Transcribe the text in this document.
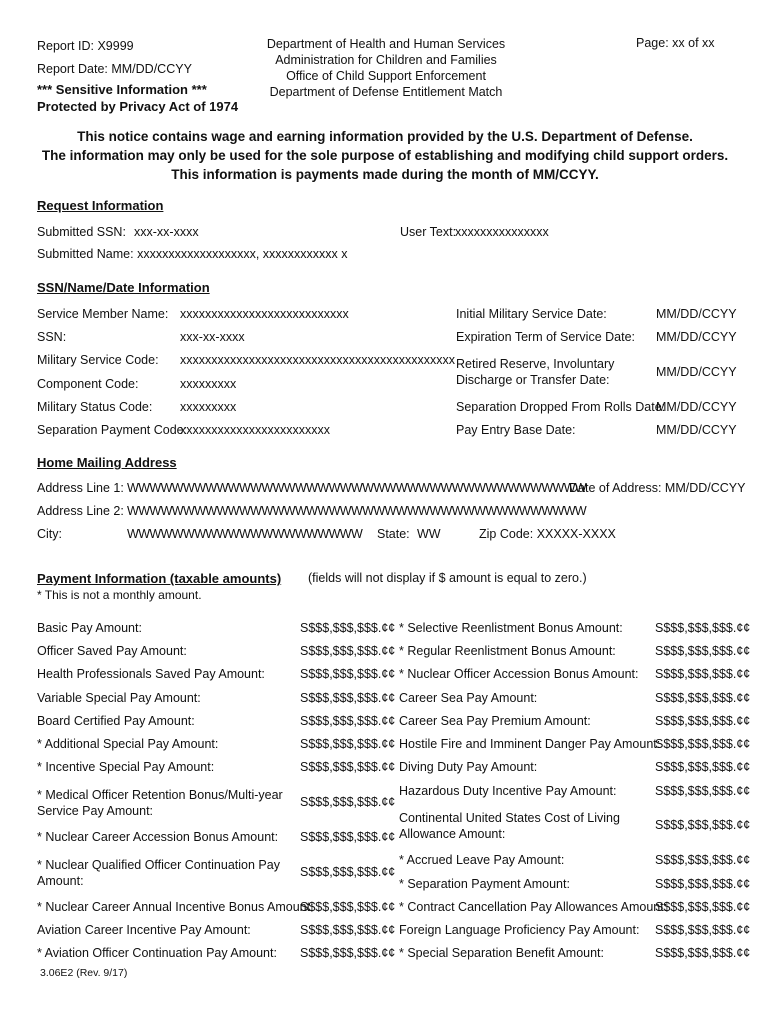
Report ID: X9999
Report Date: MM/DD/CCYY
*** Sensitive Information ***
Protected by Privacy Act of 1974
Department of Health and Human Services
Administration for Children and Families
Office of Child Support Enforcement
Department of Defense Entitlement Match
Page: xx of xx
This notice contains wage and earning information provided by the U.S. Department of Defense.
The information may only be used for the sole purpose of establishing and modifying child support orders.
This information is payments made during the month of MM/CCYY.
Request Information
Submitted SSN: xxx-xx-xxxx	User Text:
xxxxxxxxxxxxxxx
Submitted Name: xxxxxxxxxxxxxxxxxxx, xxxxxxxxxxxx x
SSN/Name/Date Information
Service Member Name: xxxxxxxxxxxxxxxxxxxxxxxxxxx
SSN:	xxx-xx-xxxx
Military Service Code: xxxxxxxxxxxxxxxxxxxxxxxxxxxxxxxxxxxxxxxxxxxx
Component Code:	xxxxxxxxx
Military Status Code: xxxxxxxxx
Separation Payment Code:
xxxxxxxxxxxxxxxxxxxxxxxx
Initial Military Service Date:	MM/DD/CCYY
Expiration Term of Service Date: MM/DD/CCYY
Retired Reserve, Involuntary Discharge or Transfer Date:
MM/DD/CCYY
Separation Dropped From Rolls Date:
MM/DD/CCYY
Pay Entry Base Date:	MM/DD/CCYY
Home Mailing Address
Address Line 1: WWWWWWWWWWWWWWWWWWWWWWWWWWWWWWWWWWWWWWWWW
Date of Address: MM/DD/CCYY
Address Line 2: WWWWWWWWWWWWWWWWWWWWWWWWWWWWWWWWWWWWWWWWW
City:	WWWWWWWWWWWWWWWWWWWWW State: WW	Zip Code: XXXXX-XXXX
Payment Information (taxable amounts) (fields will not display if $ amount is equal to zero.)
* This is not a monthly amount.
Basic Pay Amount:	S$$$,$$$,$$$.¢¢
Officer Saved Pay Amount:	S$$$,$$$,$$$.¢¢
Health Professionals Saved Pay Amount:	S$$$,$$$,$$$.¢¢
Variable Special Pay Amount:	S$$$,$$$,$$$.¢¢
Board Certified Pay Amount:	S$$$,$$$,$$$.¢¢
* Additional Special Pay Amount:	S$$$,$$$,$$$.¢¢
* Incentive Special Pay Amount:	S$$$,$$$,$$$.¢¢
* Medical Officer Retention Bonus/Multi-year Service Pay Amount:
S$$$,$$$,$$$.¢¢
* Nuclear Career Accession Bonus Amount: S$$$,$$$,$$$.¢¢
* Nuclear Qualified Officer Continuation Pay Amount:
S$$$,$$$,$$$.¢¢
* Nuclear Career Annual Incentive Bonus Amount:
S$$$,$$$,$$$.¢¢
Aviation Career Incentive Pay Amount:	S$$$,$$$,$$$.¢¢
* Aviation Officer Continuation Pay Amount: S$$$,$$$,$$$.¢¢
* Selective Reenlistment Bonus Amount:	S$$$,$$$,$$$.¢¢
* Regular Reenlistment Bonus Amount:	S$$$,$$$,$$$.¢¢
* Nuclear Officer Accession Bonus Amount: S$$$,$$$,$$$.¢¢
Career Sea Pay Amount:	S$$$,$$$,$$$.¢¢
Career Sea Pay Premium Amount:	S$$$,$$$,$$$.¢¢
Hostile Fire and Imminent Danger Pay Amount:
S$$$,$$$,$$$.¢¢
Diving Duty Pay Amount:	S$$$,$$$,$$$.¢¢
Hazardous Duty Incentive Pay Amount:	S$$$,$$$,$$$.¢¢
Continental United States Cost of Living Allowance Amount:
S$$$,$$$,$$$.¢¢
* Accrued Leave Pay Amount:	S$$$,$$$,$$$.¢¢
* Separation Payment Amount:	S$$$,$$$,$$$.¢¢
* Contract Cancellation Pay Allowances Amount:
S$$$,$$$,$$$.¢¢
Foreign Language Proficiency Pay Amount: S$$$,$$$,$$$.¢¢
* Special Separation Benefit Amount:	S$$$,$$$,$$$.¢¢
3.06E2 (Rev. 9/17)
